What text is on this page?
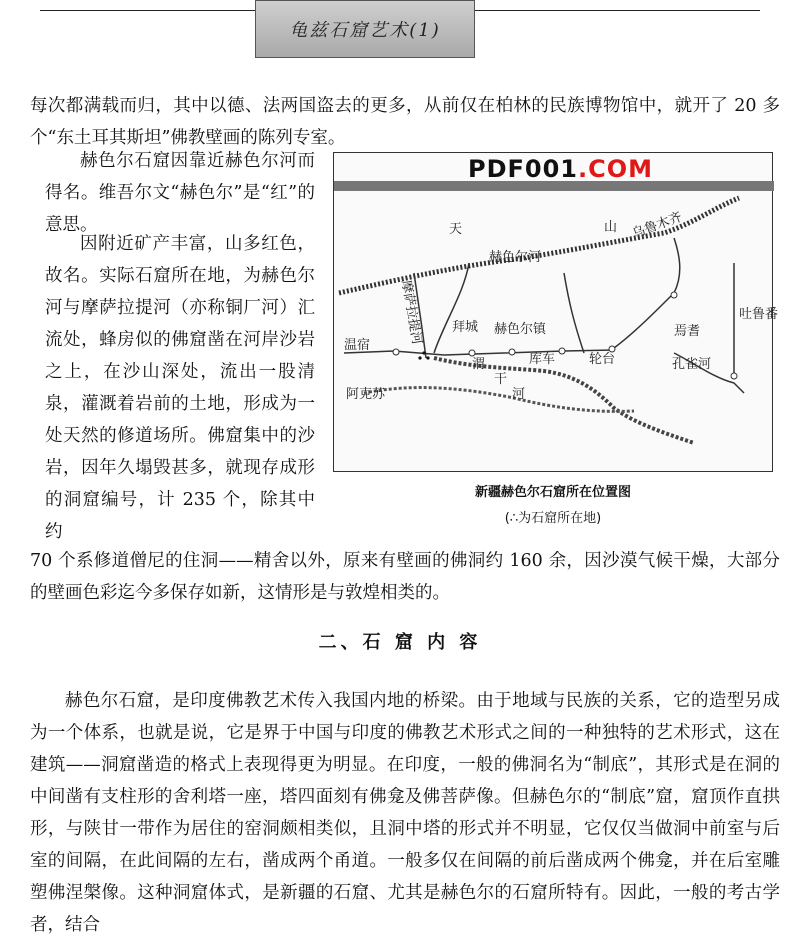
龟兹石窟艺术(1)

每次都满载而归，其中以德、法两国盗去的更多，从前仅在柏林的民族博物馆中，就开了 20 多个“东土耳其斯坦”佛教壁画的陈列专室。

赫色尔石窟因靠近赫色尔河而得名。维吾尔文“赫色尔”是“红”的意思。

因附近矿产丰富，山多红色，故名。实际石窟所在地，为赫色尔河与摩萨拉提河（亦称铜厂河）汇流处，蜂房似的佛窟凿在河岸沙岩之上，在沙山深处，流出一股清泉，灌溉着岩前的土地，形成为一处天然的修道场所。佛窟集中的沙岩，因年久塌毁甚多，就现存成形的洞窟编号，计 235 个，除其中约

天	山 乌鲁木齐
吐鲁番
焉耆
孔雀河
摩萨拉提河
赫色尔河
拜城 赫色尔镇
温宿
阿克苏
渭
干
河
库车	轮台
PDF001.COM
新疆赫色尔石窟所在位置图
(∴为石窟所在地)

70 个系修道僧尼的住洞——精舍以外，原来有壁画的佛洞约 160 余，因沙漠气候干燥，大部分的壁画色彩迄今多保存如新，这情形是与敦煌相类的。

二、石 窟 内 容

赫色尔石窟，是印度佛教艺术传入我国内地的桥梁。由于地域与民族的关系，它的造型另成为一个体系，也就是说，它是界于中国与印度的佛教艺术形式之间的一种独特的艺术形式，这在建筑——洞窟凿造的格式上表现得更为明显。在印度，一般的佛洞名为“制底”，其形式是在洞的中间凿有支柱形的舍利塔一座，塔四面刻有佛龛及佛菩萨像。但赫色尔的“制底”窟，窟顶作直拱形，与陕甘一带作为居住的窑洞颇相类似，且洞中塔的形式并不明显，它仅仅当做洞中前室与后室的间隔，在此间隔的左右，凿成两个甬道。一般多仅在间隔的前后凿成两个佛龛，并在后室雕塑佛涅槃像。这种洞窟体式，是新疆的石窟、尤其是赫色尔的石窟所特有。因此，一般的考古学者，结合
